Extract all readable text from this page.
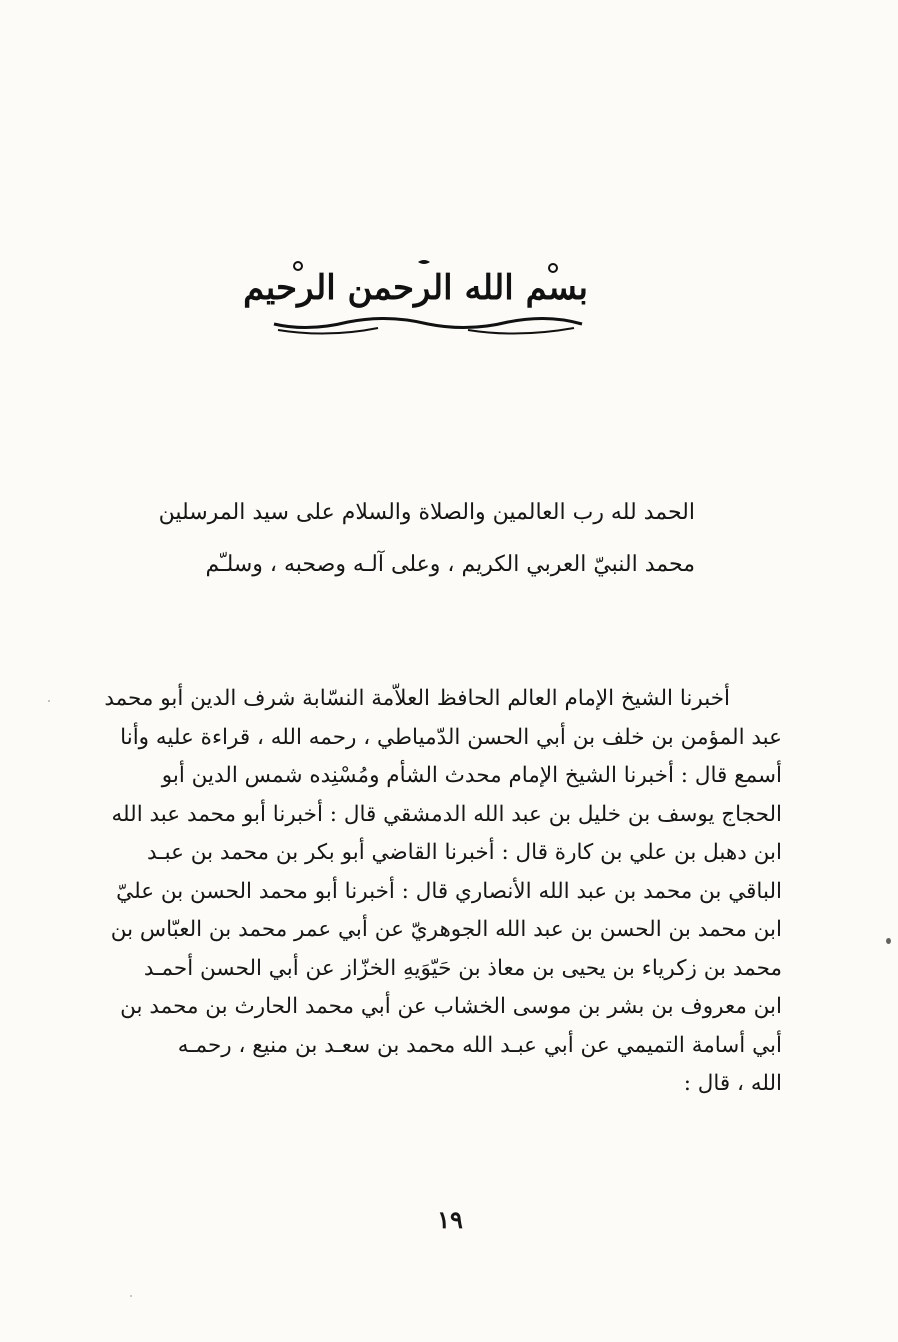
بسم الله الرحمن الرحيم
الحمد لله رب العالمين والصلاة والسلام على سيد المرسلين
محمد النبيّ العربي الكريم ، وعلى آلـه وصحبه ، وسلـّم
أخبرنا الشيخ الإمام العالم الحافظ العلاّمة النسّابة شرف الدين أبو محمد
عبد المؤمن بن خلف بن أبي الحسن الدّمياطي ، رحمه الله ، قراءة عليه وأنا
أسمع قال : أخبرنا الشيخ الإمام محدث الشأم ومُسْنِده شمس الدين أبو
الحجاج يوسف بن خليل بن عبد الله الدمشقي قال : أخبرنا أبو محمد عبد الله
ابن دهبل بن علي بن كارة قال : أخبرنا القاضي أبو بكر بن محمد بن عبـد
الباقي بن محمد بن عبد الله الأنصاري قال : أخبرنا أبو محمد الحسن بن عليّ
ابن محمد بن الحسن بن عبد الله الجوهريّ عن أبي عمر محمد بن العبّاس بن
محمد بن زكرياء بن يحيى بن معاذ بن حَيّوَيهِ الخزّاز عن أبي الحسن أحمـد
ابن معروف بن بشر بن موسى الخشاب عن أبي محمد الحارث بن محمد بن
أبي أسامة التميمي عن أبي عبـد الله محمد بن سعـد بن منيع ، رحمـه
الله ، قال :
١٩
